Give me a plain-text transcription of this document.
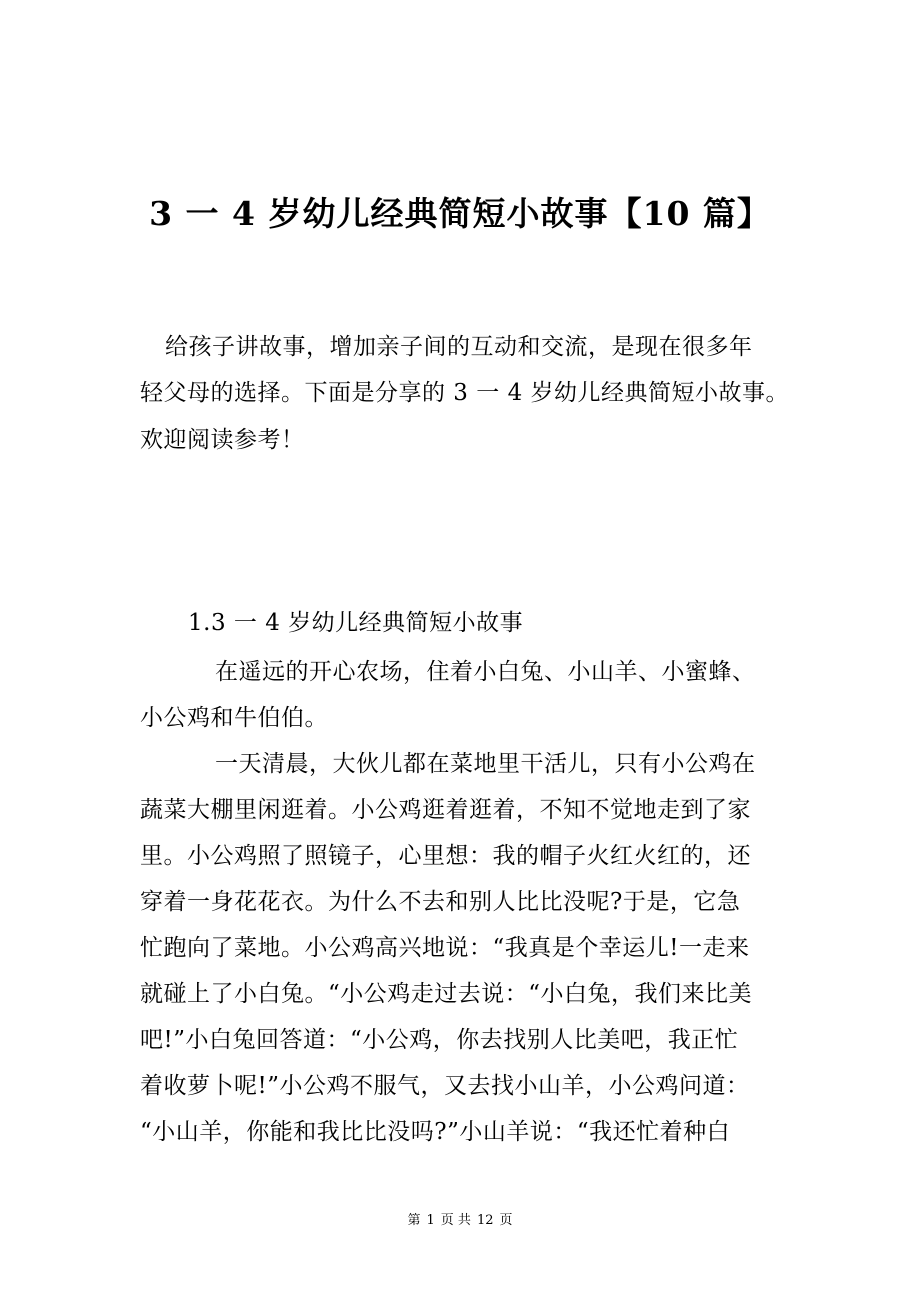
3 一 4 岁幼儿经典简短小故事【10 篇】
给孩子讲故事，增加亲子间的互动和交流，是现在很多年
轻父母的选择。下面是分享的 3 一 4 岁幼儿经典简短小故事。
欢迎阅读参考！
1.3 一 4 岁幼儿经典简短小故事
在遥远的开心农场，住着小白兔、小山羊、小蜜蜂、
小公鸡和牛伯伯。
一天清晨，大伙儿都在菜地里干活儿，只有小公鸡在
蔬菜大棚里闲逛着。小公鸡逛着逛着，不知不觉地走到了家
里。小公鸡照了照镜子，心里想：我的帽子火红火红的，还
穿着一身花花衣。为什么不去和别人比比没呢?于是，它急
忙跑向了菜地。小公鸡高兴地说：“我真是个幸运儿!一走来
就碰上了小白兔。“小公鸡走过去说：“小白兔，我们来比美
吧!”小白兔回答道：“小公鸡，你去找别人比美吧，我正忙
着收萝卜呢!”小公鸡不服气，又去找小山羊，小公鸡问道：
“小山羊，你能和我比比没吗?”小山羊说：“我还忙着种白
第 1 页 共 12 页
